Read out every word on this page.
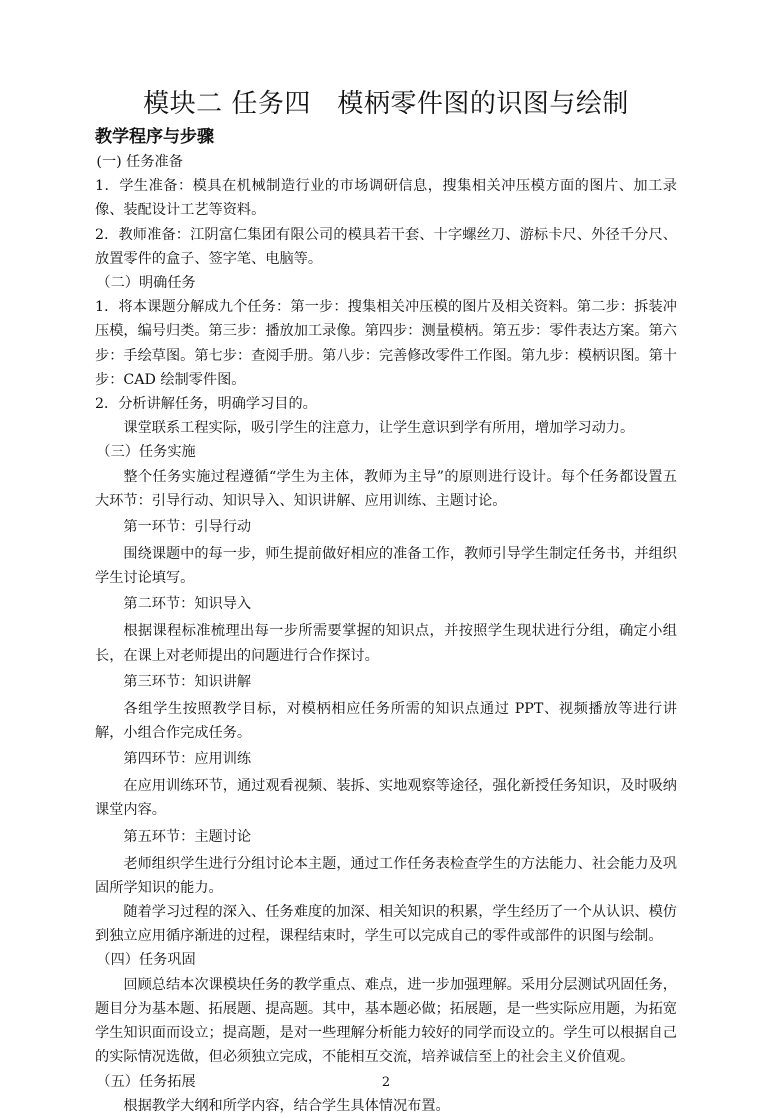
模块二 任务四　模柄零件图的识图与绘制
教学程序与步骤

(一) 任务准备

1．学生准备：模具在机械制造行业的市场调研信息，搜集相关冲压模方面的图片、加工录像、装配设计工艺等资料。

2．教师准备：江阴富仁集团有限公司的模具若干套、十字螺丝刀、游标卡尺、外径千分尺、放置零件的盒子、签字笔、电脑等。

（二）明确任务

1．将本课题分解成九个任务：第一步：搜集相关冲压模的图片及相关资料。第二步：拆装冲压模，编号归类。第三步：播放加工录像。第四步：测量模柄。第五步：零件表达方案。第六步：手绘草图。第七步：查阅手册。第八步：完善修改零件工作图。第九步：模柄识图。第十步：CAD 绘制零件图。

2．分析讲解任务，明确学习目的。

课堂联系工程实际，吸引学生的注意力，让学生意识到学有所用，增加学习动力。

（三）任务实施

整个任务实施过程遵循“学生为主体，教师为主导”的原则进行设计。每个任务都设置五大环节：引导行动、知识导入、知识讲解、应用训练、主题讨论。

第一环节：引导行动

围绕课题中的每一步，师生提前做好相应的准备工作，教师引导学生制定任务书，并组织学生讨论填写。

第二环节：知识导入

根据课程标准梳理出每一步所需要掌握的知识点，并按照学生现状进行分组，确定小组长，在课上对老师提出的问题进行合作探讨。

第三环节：知识讲解

各组学生按照教学目标，对模柄相应任务所需的知识点通过 PPT、视频播放等进行讲解，小组合作完成任务。

第四环节：应用训练

在应用训练环节，通过观看视频、装拆、实地观察等途径，强化新授任务知识，及时吸纳课堂内容。

第五环节：主题讨论

老师组织学生进行分组讨论本主题，通过工作任务表检查学生的方法能力、社会能力及巩固所学知识的能力。

随着学习过程的深入、任务难度的加深、相关知识的积累，学生经历了一个从认识、模仿到独立应用循序渐进的过程，课程结束时，学生可以完成自己的零件或部件的识图与绘制。

（四）任务巩固

回顾总结本次课模块任务的教学重点、难点，进一步加强理解。采用分层测试巩固任务，题目分为基本题、拓展题、提高题。其中，基本题必做；拓展题，是一些实际应用题，为拓宽学生知识面而设立；提高题，是对一些理解分析能力较好的同学而设立的。学生可以根据自己的实际情况选做，但必须独立完成，不能相互交流，培养诚信至上的社会主义价值观。

（五）任务拓展

根据教学大纲和所学内容，结合学生具体情况布置。

2
